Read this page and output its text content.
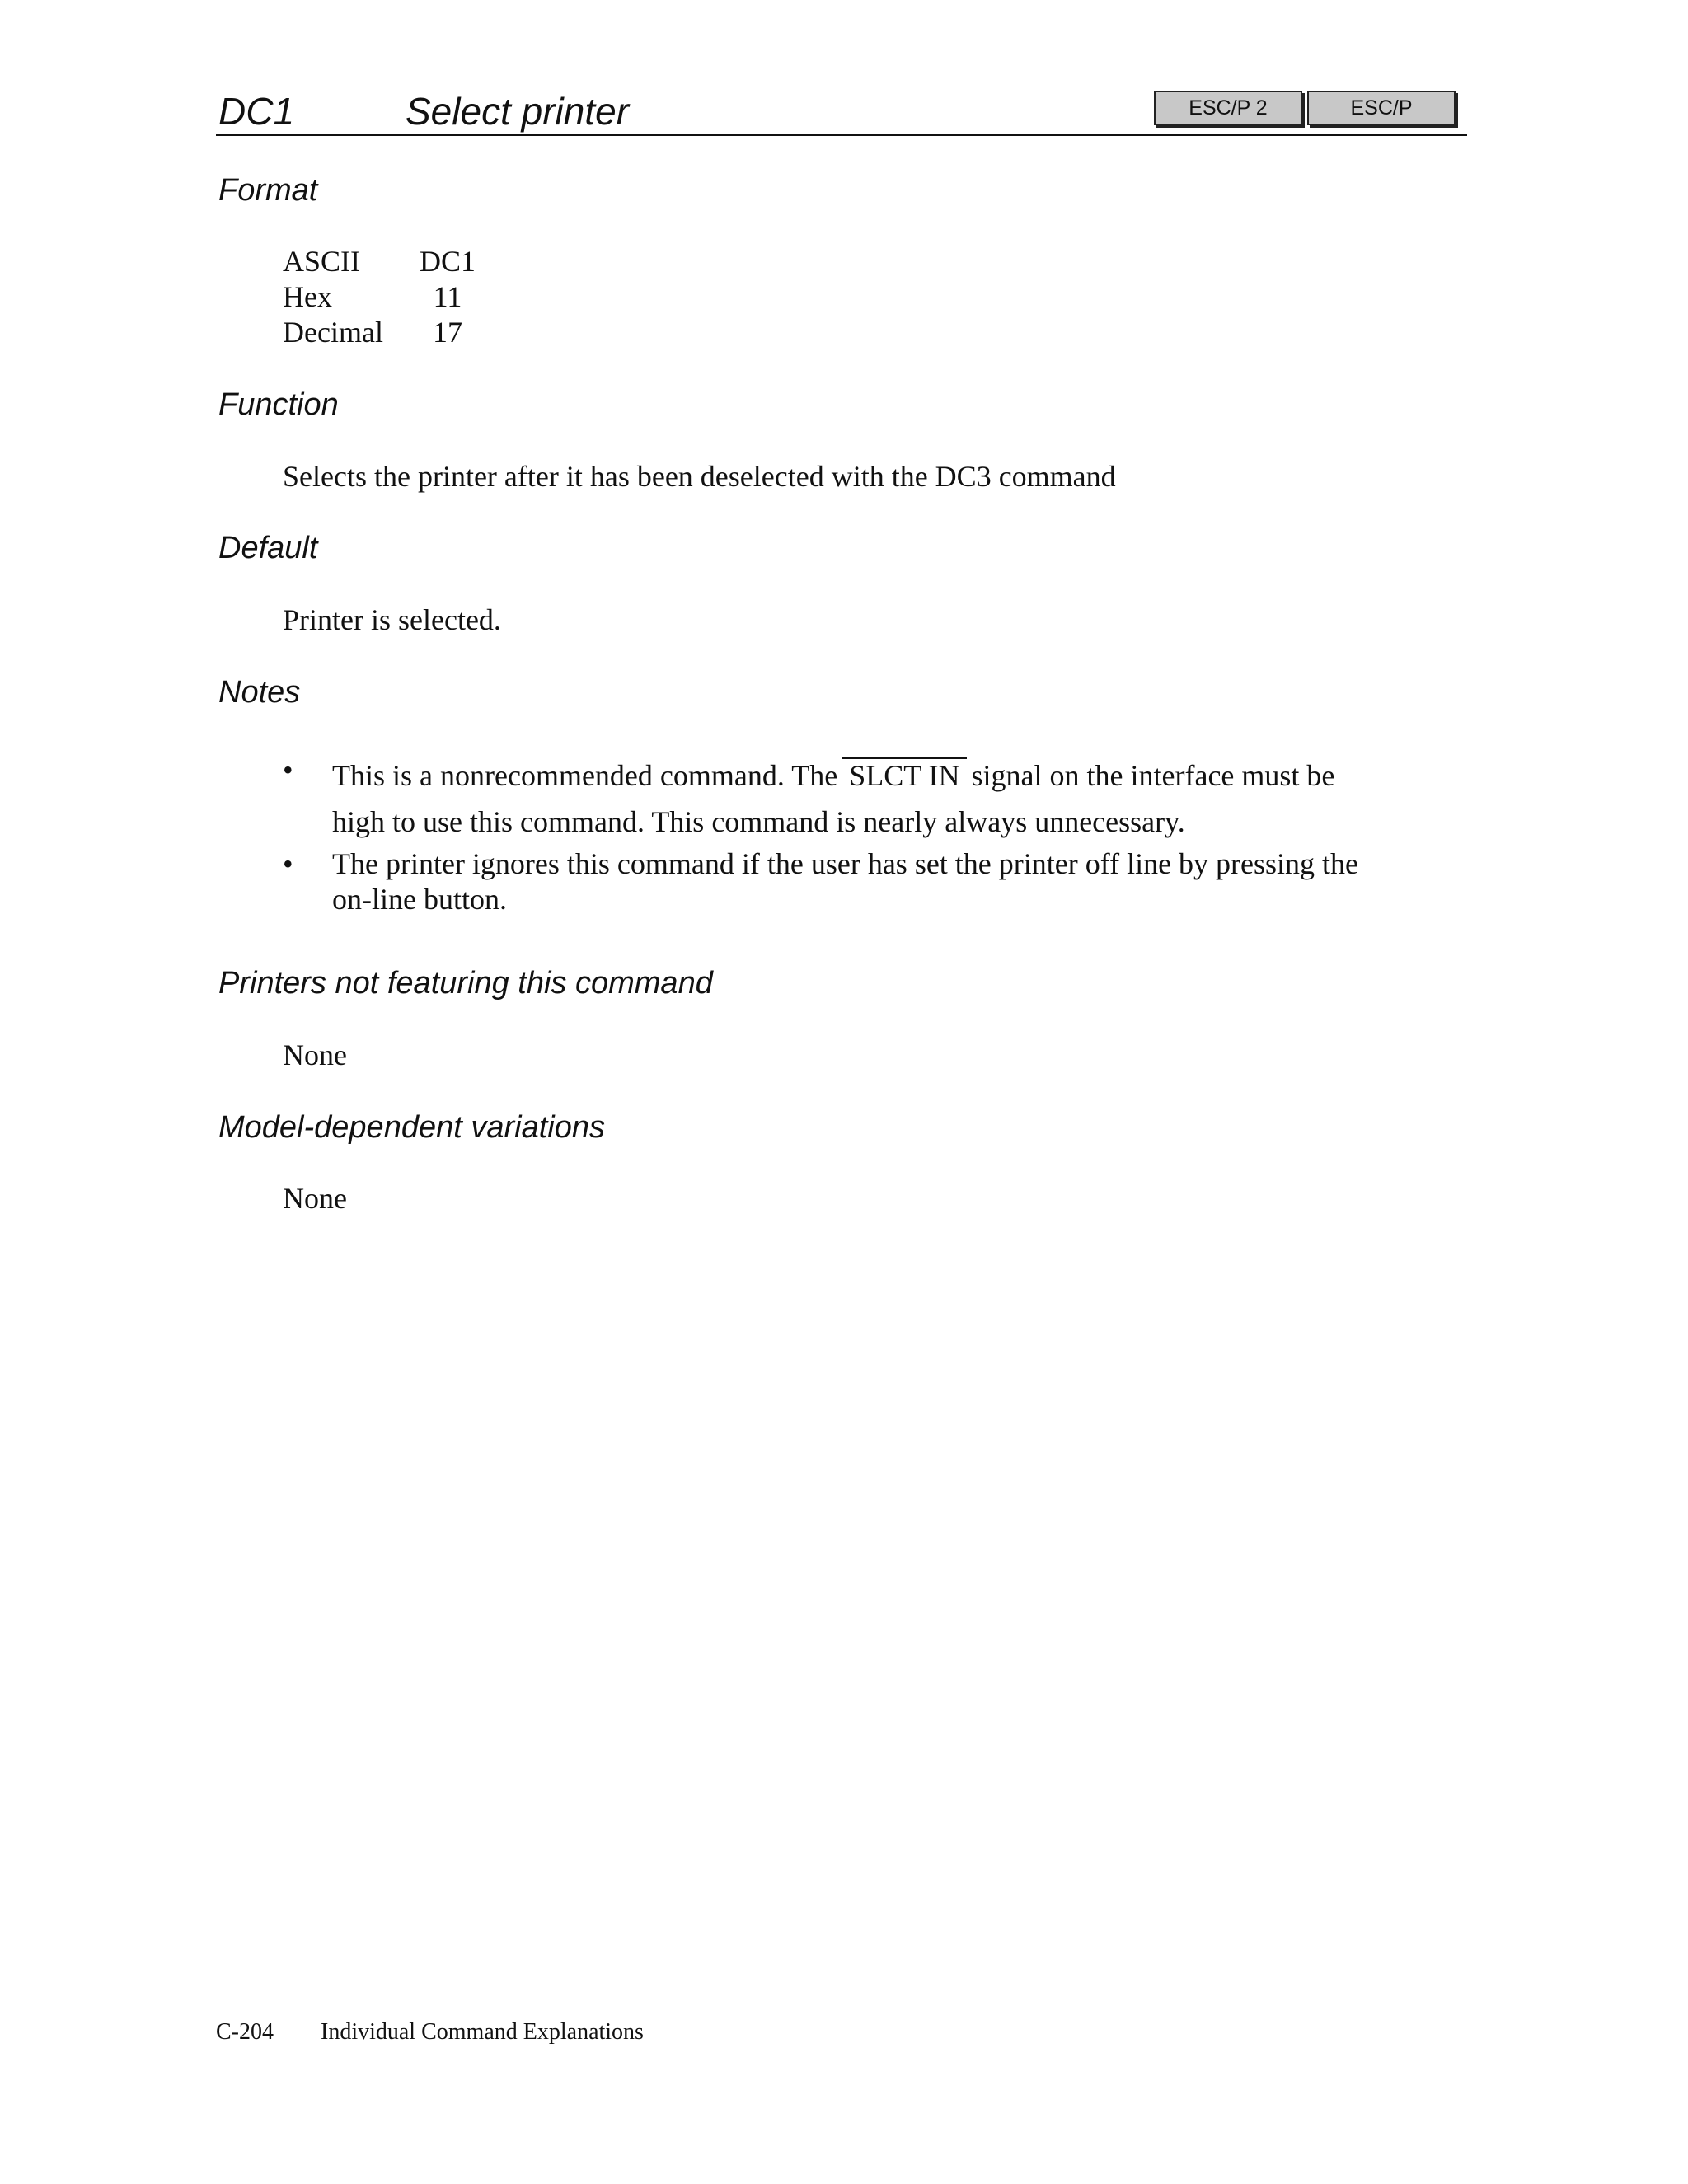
DC1	Select printer	ESC/P 2	ESC/P
Format
ASCII	DC1
Hex	11
Decimal	17
Function
Selects the printer after it has been deselected with the DC3 command
Default
Printer is selected.
Notes
•	This is a nonrecommended command. The SLCT IN signal on the interface must be
high to use this command. This command is nearly always unnecessary.
•	The printer ignores this command if the user has set the printer off line by pressing the
on-line button.
Printers not featuring this command
None
Model-dependent variations
None
C-204 Individual Command Explanations
